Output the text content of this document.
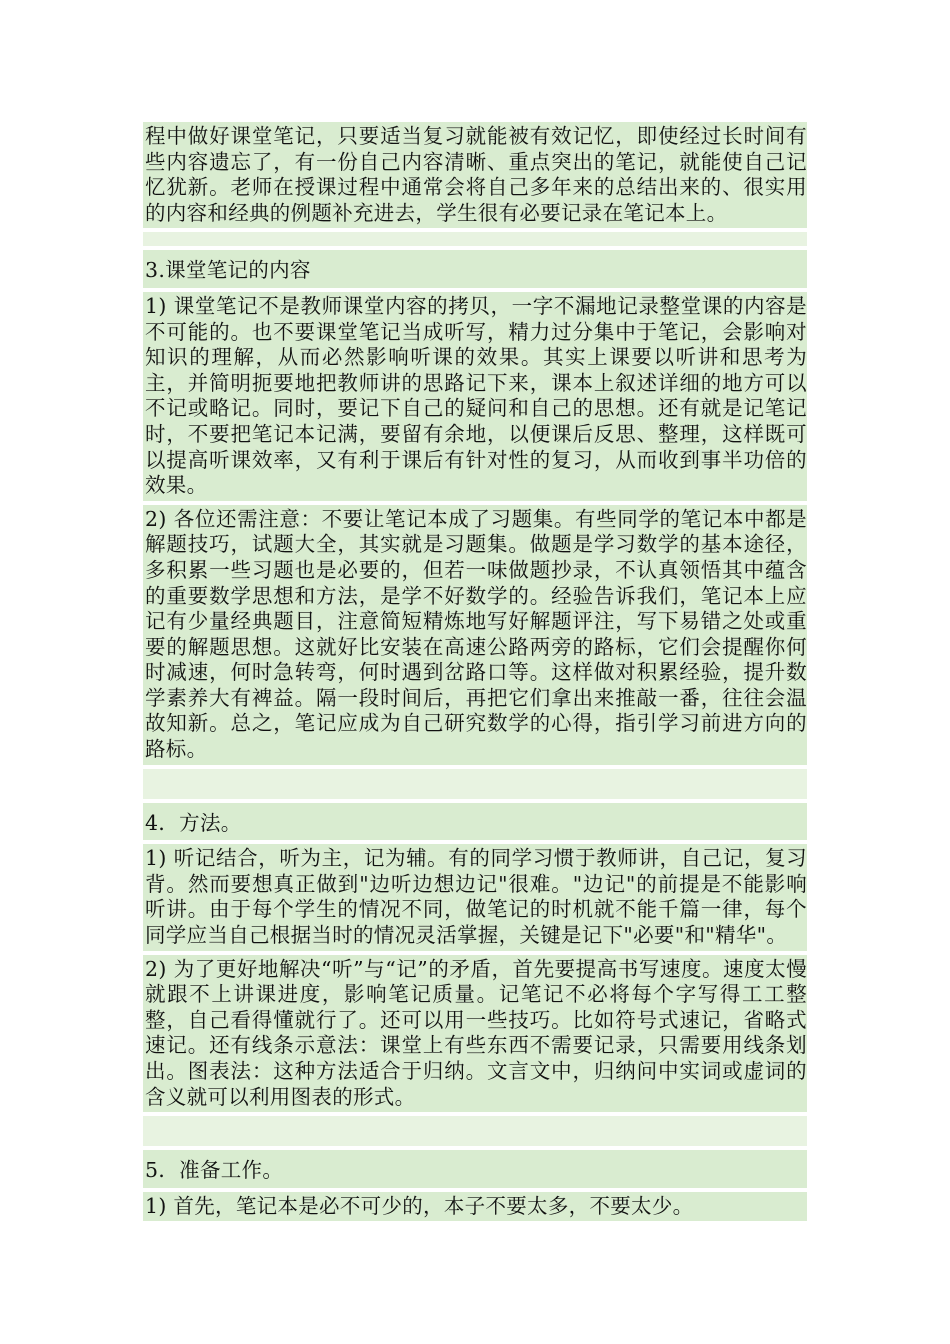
程中做好课堂笔记，只要适当复习就能被有效记忆，即使经过长时间有些内容遗忘了，有一份自己内容清晰、重点突出的笔记，就能使自己记忆犹新。老师在授课过程中通常会将自己多年来的总结出来的、很实用的内容和经典的例题补充进去，学生很有必要记录在笔记本上。
3.课堂笔记的内容
1) 课堂笔记不是教师课堂内容的拷贝，一字不漏地记录整堂课的内容是不可能的。也不要课堂笔记当成听写，精力过分集中于笔记，会影响对知识的理解，从而必然影响听课的效果。其实上课要以听讲和思考为主，并简明扼要地把教师讲的思路记下来，课本上叙述详细的地方可以不记或略记。同时，要记下自己的疑问和自己的思想。还有就是记笔记时，不要把笔记本记满，要留有余地，以便课后反思、整理，这样既可以提高听课效率，又有利于课后有针对性的复习，从而收到事半功倍的效果。
2) 各位还需注意：不要让笔记本成了习题集。有些同学的笔记本中都是解题技巧，试题大全，其实就是习题集。做题是学习数学的基本途径，多积累一些习题也是必要的，但若一味做题抄录，不认真领悟其中蕴含的重要数学思想和方法，是学不好数学的。经验告诉我们，笔记本上应记有少量经典题目，注意简短精炼地写好解题评注，写下易错之处或重要的解题思想。这就好比安装在高速公路两旁的路标，它们会提醒你何时减速，何时急转弯，何时遇到岔路口等。这样做对积累经验，提升数学素养大有裨益。隔一段时间后，再把它们拿出来推敲一番，往往会温故知新。总之，笔记应成为自己研究数学的心得，指引学习前进方向的路标。
4．方法。
1) 听记结合，听为主，记为辅。有的同学习惯于教师讲，自己记，复习背。然而要想真正做到"边听边想边记"很难。"边记"的前提是不能影响听讲。由于每个学生的情况不同，做笔记的时机就不能千篇一律，每个同学应当自己根据当时的情况灵活掌握，关键是记下"必要"和"精华"。
2) 为了更好地解决“听”与“记”的矛盾，首先要提高书写速度。速度太慢就跟不上讲课进度，影响笔记质量。记笔记不必将每个字写得工工整整，自己看得懂就行了。还可以用一些技巧。比如符号式速记，省略式速记。还有线条示意法：课堂上有些东西不需要记录，只需要用线条划出。图表法：这种方法适合于归纳。文言文中，归纳问中实词或虚词的含义就可以利用图表的形式。
5．准备工作。
1) 首先，笔记本是必不可少的，本子不要太多，不要太少。
